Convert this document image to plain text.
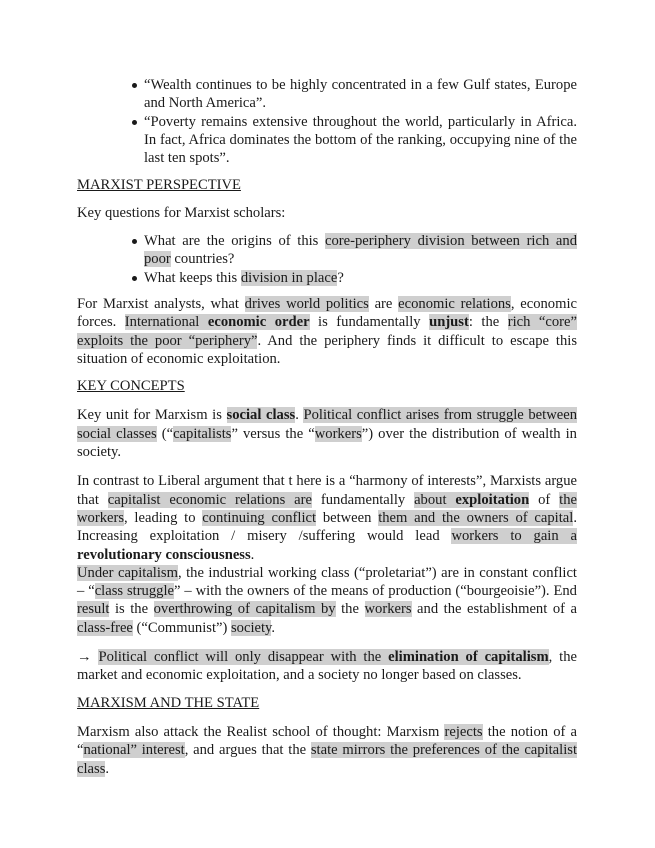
“Wealth continues to be highly concentrated in a few Gulf states, Europe and North America”.
“Poverty remains extensive throughout the world, particularly in Africa. In fact, Africa dominates the bottom of the ranking, occupying nine of the last ten spots”.
MARXIST PERSPECTIVE

Key questions for Marxist scholars:

What are the origins of this core-periphery division between rich and poor countries?
What keeps this division in place?

For Marxist analysts, what drives world politics are economic relations, economic forces. International economic order is fundamentally unjust: the rich “core” exploits the poor “periphery”. And the periphery finds it difficult to escape this situation of economic exploitation.

KEY CONCEPTS

Key unit for Marxism is social class. Political conflict arises from struggle between social classes (“capitalists” versus the “workers”) over the distribution of wealth in society.

In contrast to Liberal argument that t here is a “harmony of interests”, Marxists argue that capitalist economic relations are fundamentally about exploitation of the workers, leading to continuing conflict between them and the owners of capital. Increasing exploitation / misery /suffering would lead workers to gain a revolutionary consciousness.

Under capitalism, the industrial working class (“proletariat”) are in constant conflict – “class struggle” – with the owners of the means of production (“bourgeoisie”). End result is the overthrowing of capitalism by the workers and the establishment of a class-free (“Communist”) society.

→ Political conflict will only disappear with the elimination of capitalism, the market and economic exploitation, and a society no longer based on classes.

MARXISM AND THE STATE

Marxism also attack the Realist school of thought: Marxism rejects the notion of a “national” interest, and argues that the state mirrors the preferences of the capitalist class.
